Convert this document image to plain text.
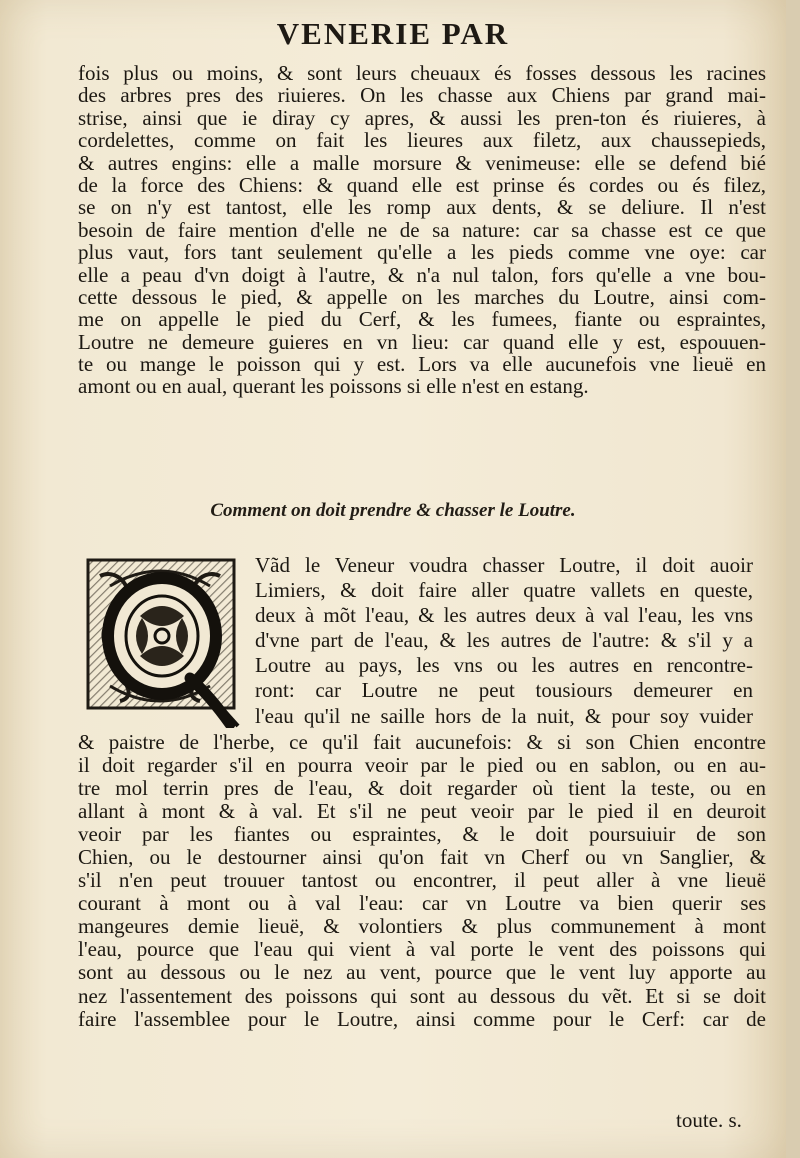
VENERIE PAR
fois plus ou moins, & sont leurs cheuaux és fosses dessous les racines
des arbres pres des riuieres. On les chasse aux Chiens par grand mai-
strise, ainsi que ie diray cy apres, & aussi les pren-ton és riuieres, à
cordelettes, comme on fait les lieures aux filetz, aux chaussepieds,
& autres engins: elle a malle morsure & venimeuse: elle se defend bié
de la force des Chiens: & quand elle est prinse és cordes ou és filez,
se on n'y est tantost, elle les romp aux dents, & se deliure. Il n'est
besoin de faire mention d'elle ne de sa nature: car sa chasse est ce que
plus vaut, fors tant seulement qu'elle a les pieds comme vne oye: car
elle a peau d'vn doigt à l'autre, & n'a nul talon, fors qu'elle a vne bou-
cette dessous le pied, & appelle on les marches du Loutre, ainsi com-
me on appelle le pied du Cerf, & les fumees, fiante ou espraintes,
Loutre ne demeure guieres en vn lieu: car quand elle y est, espouuen-
te ou mange le poisson qui y est. Lors va elle aucunefois vne lieuë en
amont ou en aual, querant les poissons si elle n'est en estang.
Comment on doit prendre & chasser le Loutre.
Vãd le Veneur voudra chasser Loutre, il doit auoir
Limiers, & doit faire aller quatre vallets en queste,
deux à mõt l'eau, & les autres deux à val l'eau, les vns
d'vne part de l'eau, & les autres de l'autre: & s'il y a
Loutre au pays, les vns ou les autres en rencontre-
ront: car Loutre ne peut tousiours demeurer en
l'eau qu'il ne saille hors de la nuit, & pour soy vuider
& paistre de l'herbe, ce qu'il fait aucunefois: & si son Chien encontre
il doit regarder s'il en pourra veoir par le pied ou en sablon, ou en au-
tre mol terrin pres de l'eau, & doit regarder où tient la teste, ou en
allant à mont & à val. Et s'il ne peut veoir par le pied il en deuroit
veoir par les fiantes ou espraintes, & le doit poursuiuir de son
Chien, ou le destourner ainsi qu'on fait vn Cherf ou vn Sanglier, &
s'il n'en peut trouuer tantost ou encontrer, il peut aller à vne lieuë
courant à mont ou à val l'eau: car vn Loutre va bien querir ses
mangeures demie lieuë, & volontiers & plus communement à mont
l'eau, pource que l'eau qui vient à val porte le vent des poissons qui
sont au dessous ou le nez au vent, pource que le vent luy apporte au
nez l'assentement des poissons qui sont au dessous du vẽt. Et si se doit
faire l'assemblee pour le Loutre, ainsi comme pour le Cerf: car de
toute. s.
